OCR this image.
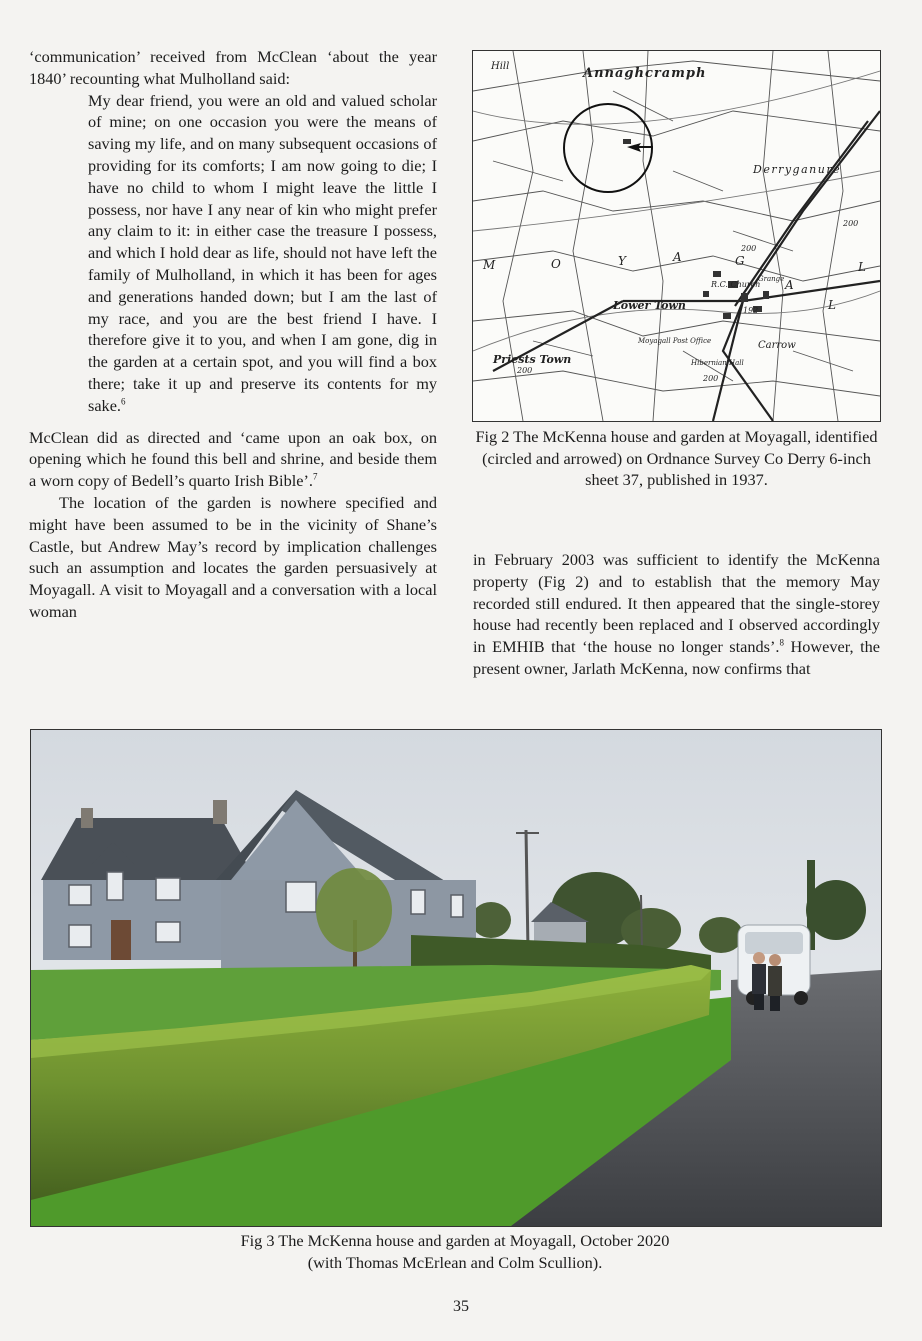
‘communication’ received from McClean ‘about the year 1840’ recounting what Mulholland said:

My dear friend, you were an old and valued scholar of mine; on one occasion you were the means of saving my life, and on many subsequent occasions of providing for its comforts; I am now going to die; I have no child to whom I might leave the little I possess, nor have I any near of kin who might prefer any claim to it: in either case the treasure I possess, and which I hold dear as life, should not have left the family of Mulholland, in which it has been for ages and generations handed down; but I am the last of my race, and you are the best friend I have. I therefore give it to you, and when I am gone, dig in the garden at a certain spot, and you will find a box there; take it up and preserve its contents for my sake.$^6$

McClean did as directed and ‘came upon an oak box, on opening which he found this bell and shrine, and beside them a worn copy of Bedell’s quarto Irish Bible’.$^7$

The location of the garden is nowhere specified and might have been assumed to be in the vicinity of Shane’s Castle, but Andrew May’s record by implication challenges such an assumption and locates the garden persuasively at Moyagall. A visit to Moyagall and a conversation with a local woman

Hill	Annaghcramph
Derryganure
M	O	Y	A	G
A
L
L
Lower Town
Priests Town
Carrow
R.C. Church
Moyagall Post Office
Hibernian Hall
Grange
200
200
200
192
200
Fig 2 The McKenna house and garden at Moyagall, identified (circled and arrowed) on Ordnance Survey Co Derry 6-inch sheet 37, published in 1937.

in February 2003 was sufficient to identify the McKenna property (Fig 2) and to establish that the memory May recorded still endured. It then appeared that the single-storey house had recently been replaced and I observed accordingly in EMHIB that ‘the house no longer stands’.$^8$ However, the present owner, Jarlath McKenna, now confirms that

Fig 3 The McKenna house and garden at Moyagall, October 2020
(with Thomas McErlean and Colm Scullion).
35
